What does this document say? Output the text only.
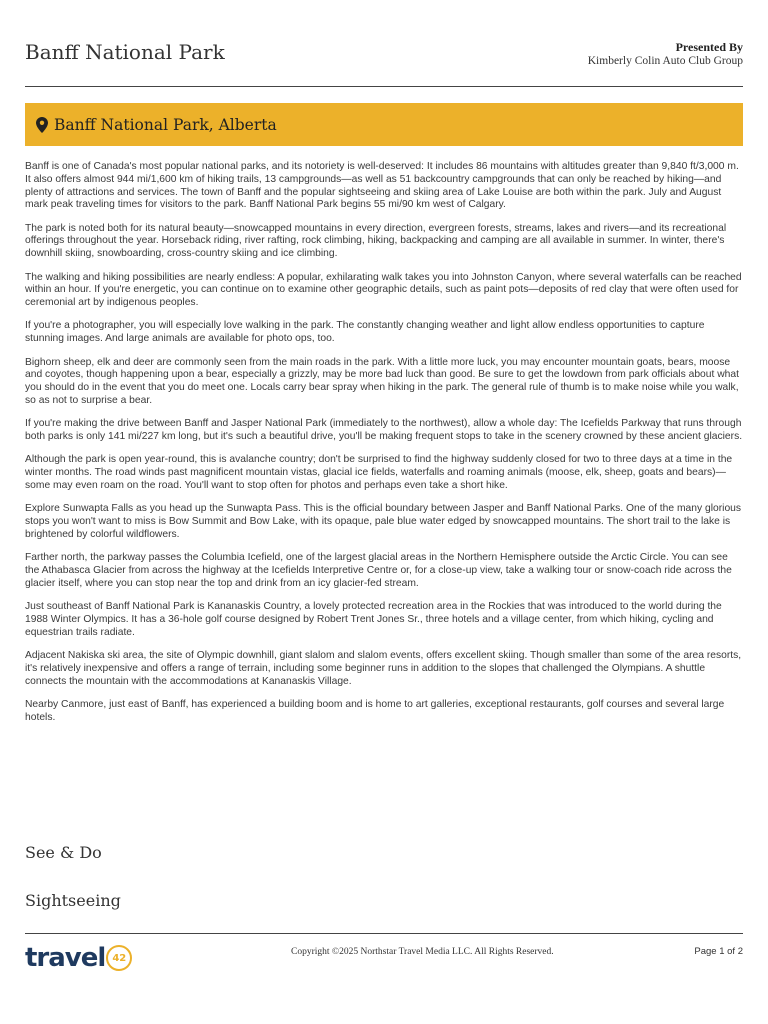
Banff National Park	Presented By
Kimberly Colin Auto Club Group
Banff National Park, Alberta

Banff is one of Canada's most popular national parks, and its notoriety is well-deserved: It includes 86 mountains with altitudes greater than 9,840 ft/3,000 m. It also offers almost 944 mi/1,600 km of hiking trails, 13 campgrounds—as well as 51 backcountry campgrounds that can only be reached by hiking—and plenty of attractions and services. The town of Banff and the popular sightseeing and skiing area of Lake Louise are both within the park. July and August mark peak traveling times for visitors to the park. Banff National Park begins 55 mi/90 km west of Calgary.

The park is noted both for its natural beauty—snowcapped mountains in every direction, evergreen forests, streams, lakes and rivers—and its recreational offerings throughout the year. Horseback riding, river rafting, rock climbing, hiking, backpacking and camping are all available in summer. In winter, there's downhill skiing, snowboarding, cross-country skiing and ice climbing.

The walking and hiking possibilities are nearly endless: A popular, exhilarating walk takes you into Johnston Canyon, where several waterfalls can be reached within an hour. If you're energetic, you can continue on to examine other geographic details, such as paint pots—deposits of red clay that were often used for ceremonial art by indigenous peoples.

If you're a photographer, you will especially love walking in the park. The constantly changing weather and light allow endless opportunities to capture stunning images. And large animals are available for photo ops, too.

Bighorn sheep, elk and deer are commonly seen from the main roads in the park. With a little more luck, you may encounter mountain goats, bears, moose and coyotes, though happening upon a bear, especially a grizzly, may be more bad luck than good. Be sure to get the lowdown from park officials about what you should do in the event that you do meet one. Locals carry bear spray when hiking in the park. The general rule of thumb is to make noise while you walk, so as not to surprise a bear.

If you're making the drive between Banff and Jasper National Park (immediately to the northwest), allow a whole day: The Icefields Parkway that runs through both parks is only 141 mi/227 km long, but it's such a beautiful drive, you'll be making frequent stops to take in the scenery crowned by these ancient glaciers.

Although the park is open year-round, this is avalanche country; don't be surprised to find the highway suddenly closed for two to three days at a time in the winter months. The road winds past magnificent mountain vistas, glacial ice fields, waterfalls and roaming animals (moose, elk, sheep, goats and bears)—some may even roam on the road. You'll want to stop often for photos and perhaps even take a short hike.

Explore Sunwapta Falls as you head up the Sunwapta Pass. This is the official boundary between Jasper and Banff National Parks. One of the many glorious stops you won't want to miss is Bow Summit and Bow Lake, with its opaque, pale blue water edged by snowcapped mountains. The short trail to the lake is brightened by colorful wildflowers.

Farther north, the parkway passes the Columbia Icefield, one of the largest glacial areas in the Northern Hemisphere outside the Arctic Circle. You can see the Athabasca Glacier from across the highway at the Icefields Interpretive Centre or, for a close-up view, take a walking tour or snow-coach ride across the glacier itself, where you can stop near the top and drink from an icy glacier-fed stream.

Just southeast of Banff National Park is Kananaskis Country, a lovely protected recreation area in the Rockies that was introduced to the world during the 1988 Winter Olympics. It has a 36-hole golf course designed by Robert Trent Jones Sr., three hotels and a village center, from which hiking, cycling and equestrian trails radiate.

Adjacent Nakiska ski area, the site of Olympic downhill, giant slalom and slalom events, offers excellent skiing. Though smaller than some of the area resorts, it's relatively inexpensive and offers a range of terrain, including some beginner runs in addition to the slopes that challenged the Olympians. A shuttle connects the mountain with the accommodations at Kananaskis Village.

Nearby Canmore, just east of Banff, has experienced a building boom and is home to art galleries, exceptional restaurants, golf courses and several large hotels.

See & Do
Sightseeing
travel 42
Copyright ©2025 Northstar Travel Media LLC. All Rights Reserved.	Page 1 of 2
